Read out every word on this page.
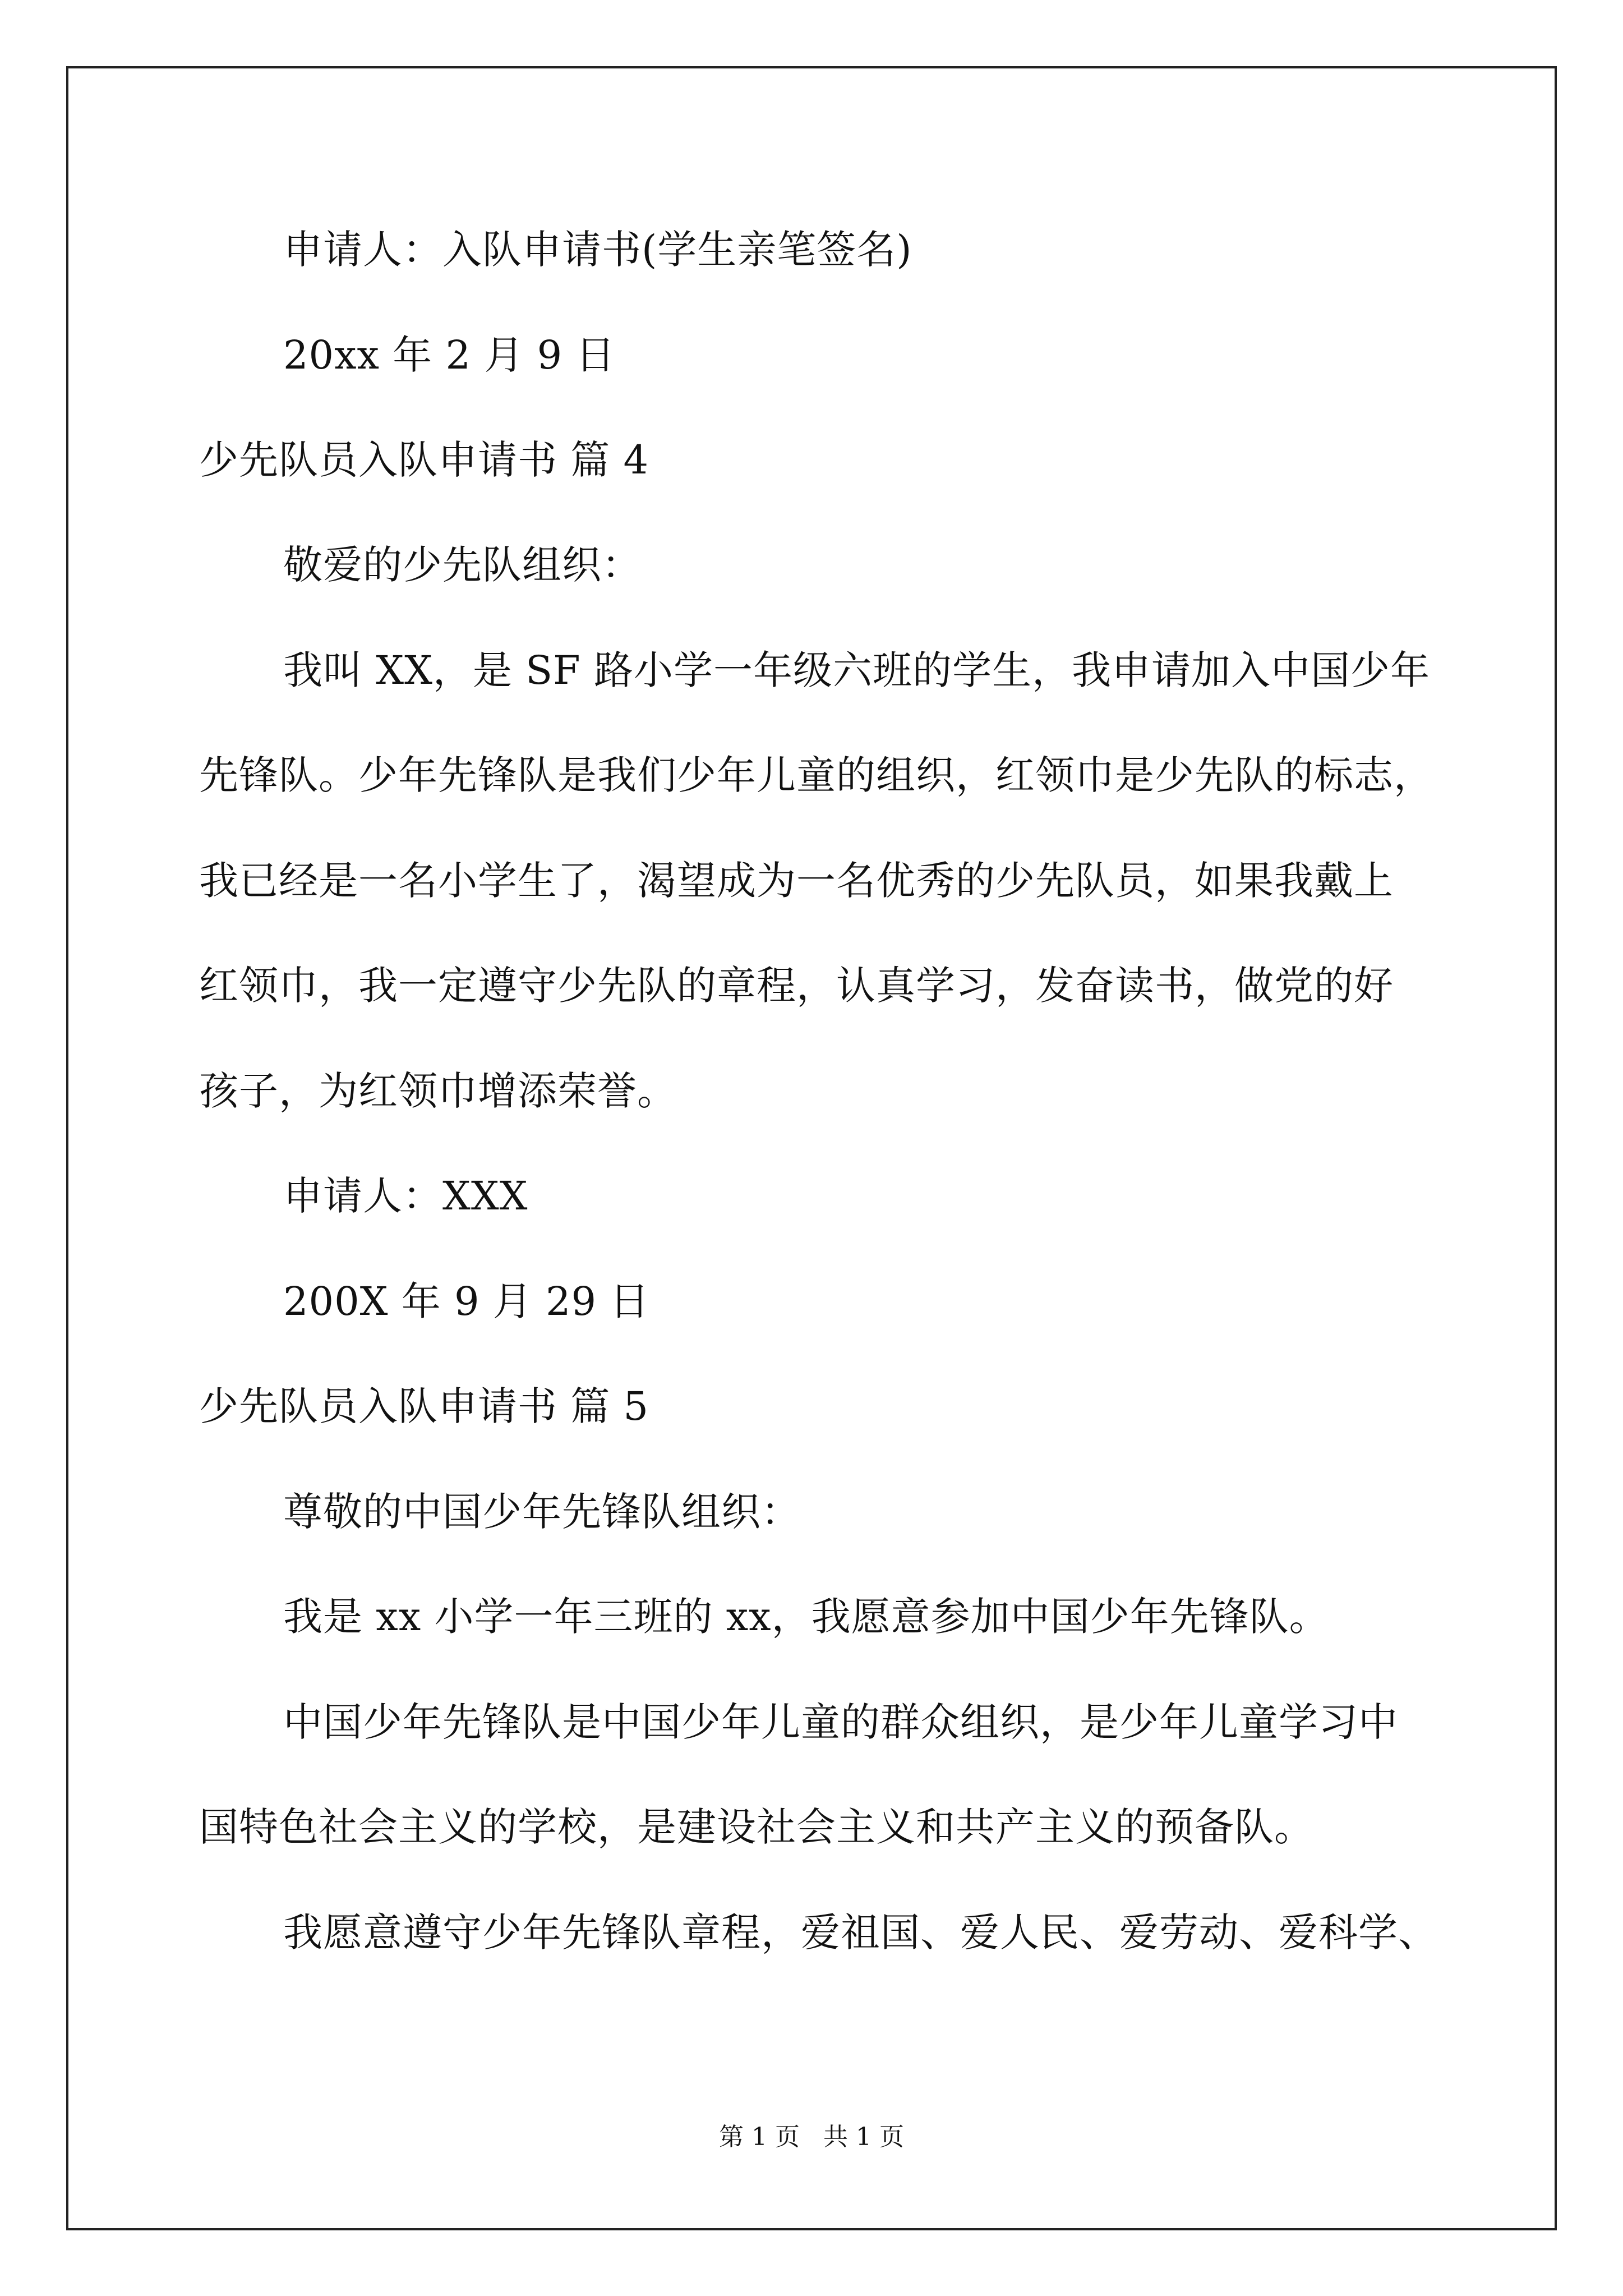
申请人：入队申请书(学生亲笔签名)
20xx 年 2 月 9 日
少先队员入队申请书 篇 4
敬爱的少先队组织：
我叫 XX，是 SF 路小学一年级六班的学生，我申请加入中国少年
先锋队。少年先锋队是我们少年儿童的组织，红领巾是少先队的标志，
我已经是一名小学生了，渴望成为一名优秀的少先队员，如果我戴上
红领巾，我一定遵守少先队的章程，认真学习，发奋读书，做党的好
孩子，为红领巾增添荣誉。
申请人：XXX
200X 年 9 月 29 日
少先队员入队申请书 篇 5
尊敬的中国少年先锋队组织：
我是 xx 小学一年三班的 xx，我愿意参加中国少年先锋队。
中国少年先锋队是中国少年儿童的群众组织，是少年儿童学习中
国特色社会主义的学校，是建设社会主义和共产主义的预备队。
我愿意遵守少年先锋队章程，爱祖国、爱人民、爱劳动、爱科学、
第 1 页   共 1 页
